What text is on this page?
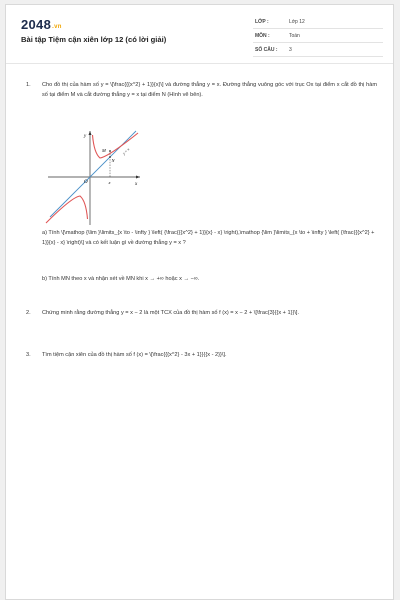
2048.vn
Bài tập Tiệm cận xiên lớp 12 (có lời giải)
LỚP :	Lớp 12
MÔN :	Toán
SỐ CÂU : 3
1. Cho đồ thị của hàm số y = \[\frac{{{x^2} + 1}}{x}\] và đường thẳng y = x. Đường thẳng vuông góc với trục Ox tại điểm x cắt đồ thị hàm số tại điểm M và cắt đường thẳng y = x tại điểm N (Hình vẽ bên).
y
x
O	x
M
N
y = x
a) Tính \[\mathop {\lim }\limits_{x \to - \infty } \left( {\frac{{{x^2} + 1}}{x} - x} \right),\mathop {\lim }\limits_{x \to + \infty } \left( {\frac{{{x^2} + 1}}{x} - x} \right)\] và có kết luận gì về đường thẳng y = x ?
b) Tính MN theo x và nhận xét về MN khi x → +∞ hoặc x → −∞.
2. Chứng minh rằng đường thẳng y = x − 2 là một TCX của đồ thị hàm số f (x) = x − 2 + \[\frac{3}{{x + 1}}\].
3. Tìm tiệm cận xiên của đồ thị hàm số f (x) = \[\frac{{{x^2} - 3x + 1}}{{x - 2}}\].
